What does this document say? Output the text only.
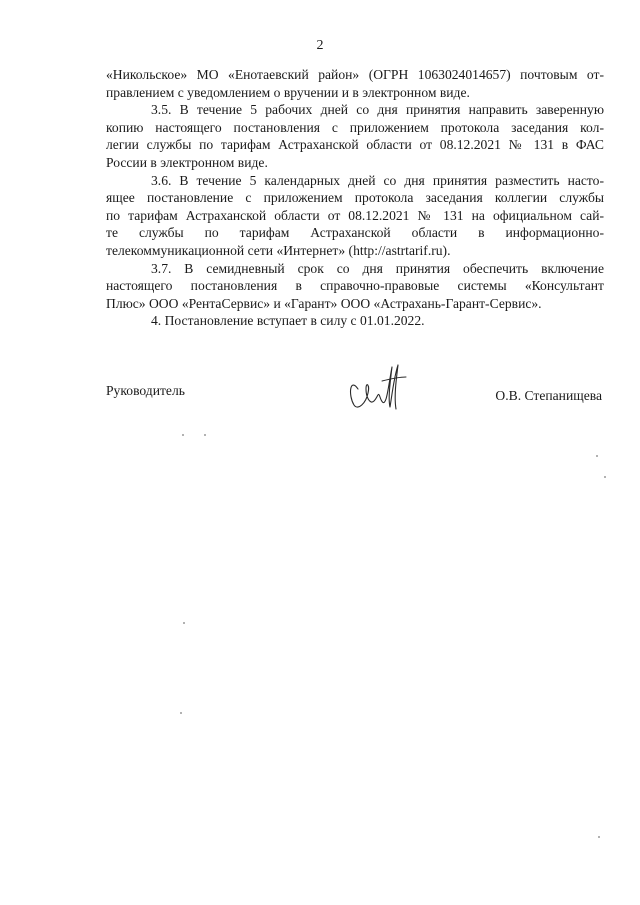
2

«Никольское» МО «Енотаевский район» (ОГРН 1063024014657) почтовым от-
правлением с уведомлением о вручении и в электронном виде.

3.5. В течение 5 рабочих дней со дня принятия направить заверенную
копию настоящего постановления с приложением протокола заседания кол-
легии службы по тарифам Астраханской области от 08.12.2021 № 131 в ФАС
России в электронном виде.

3.6. В течение 5 календарных дней со дня принятия разместить насто-
ящее постановление с приложением протокола заседания коллегии службы
по тарифам Астраханской области от 08.12.2021 № 131 на официальном сай-
те службы по тарифам Астраханской области в информационно-
телекоммуникационной сети «Интернет» (http://astrtarif.ru).

3.7. В семидневный срок со дня принятия обеспечить включение
настоящего постановления в справочно-правовые системы «Консультант
Плюс» ООО «РентаСервис» и «Гарант» ООО «Астрахань-Гарант-Сервис».

4. Постановление вступает в силу с 01.01.2022.

Руководитель	О.В. Степанищева
